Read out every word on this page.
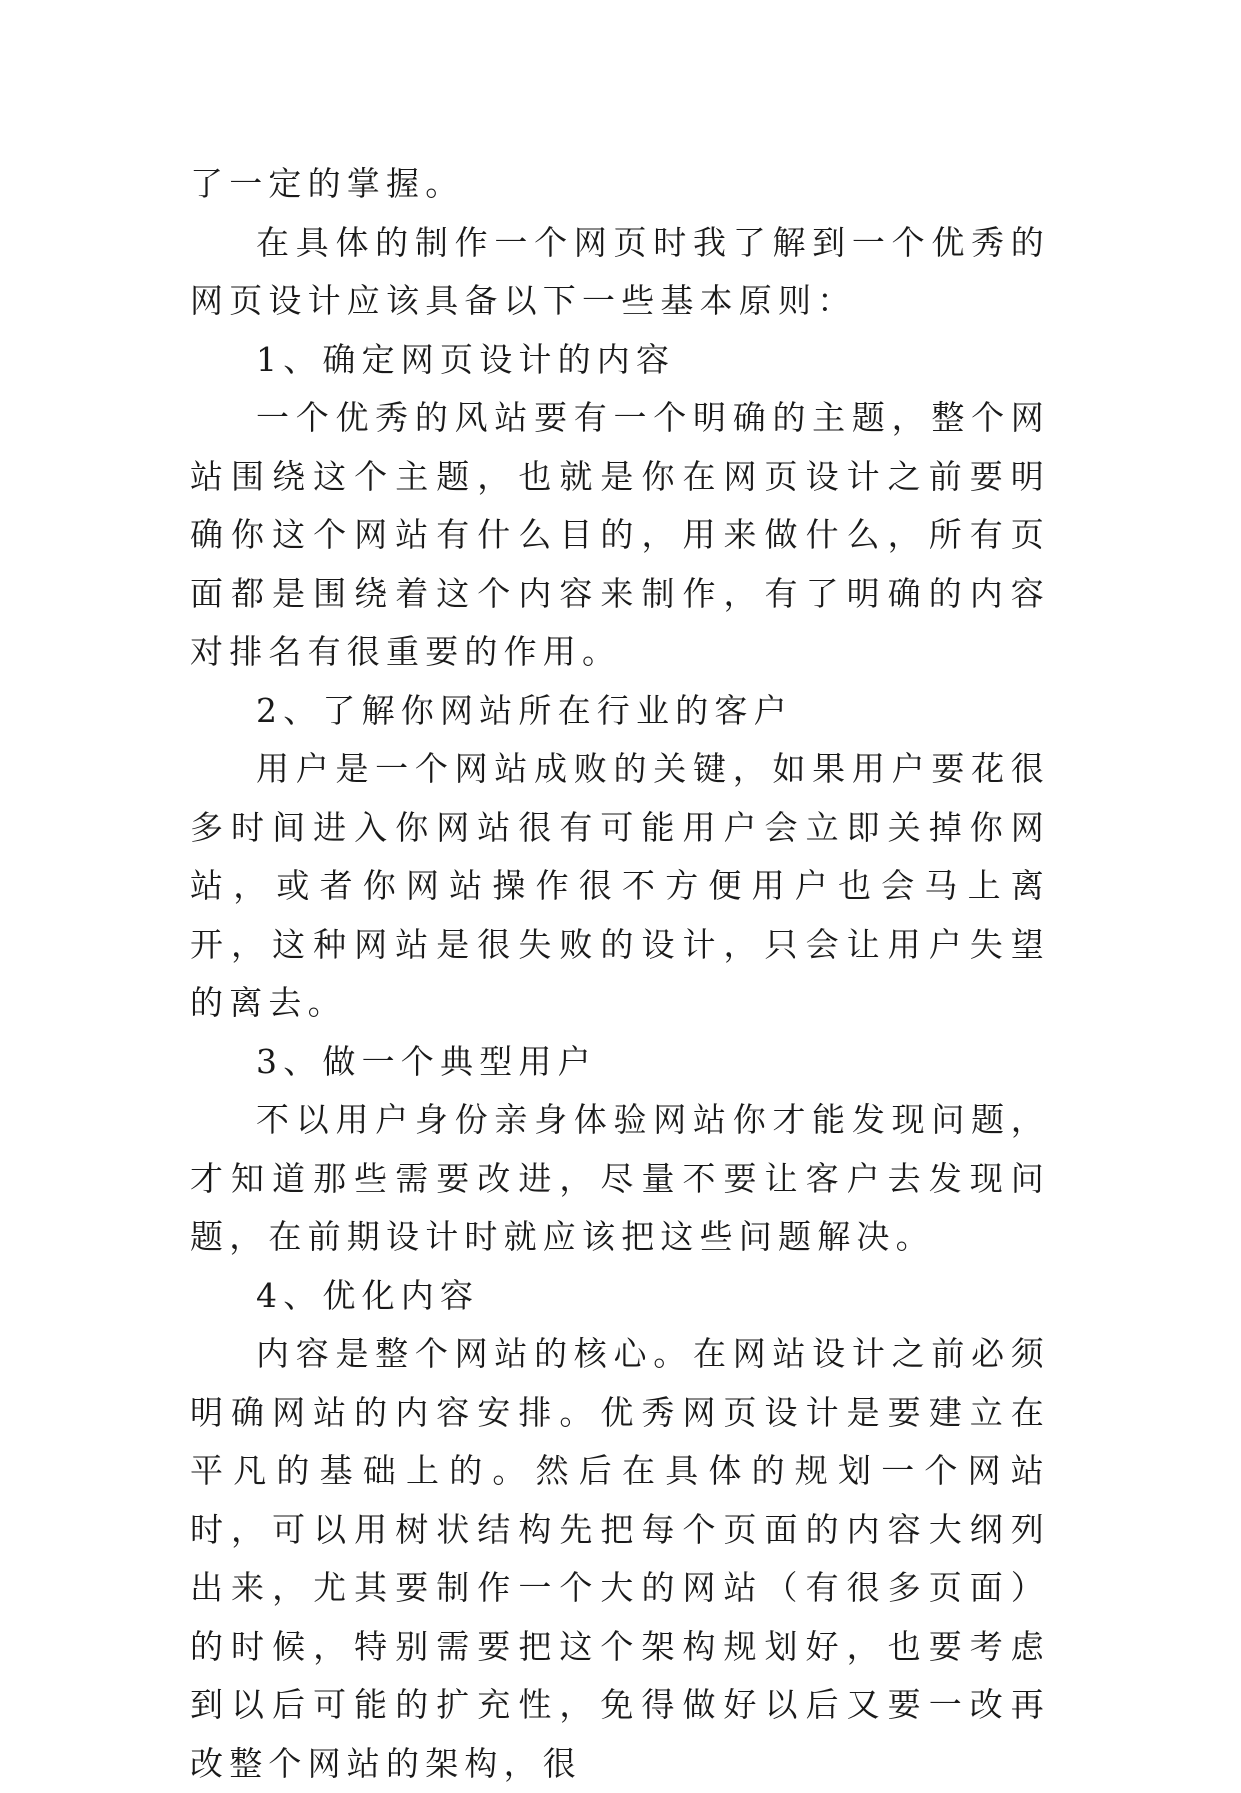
了一定的掌握。

在具体的制作一个网页时我了解到一个优秀的网页设计应该具备以下一些基本原则：

1、确定网页设计的内容

一个优秀的风站要有一个明确的主题，整个网站围绕这个主题，也就是你在网页设计之前要明确你这个网站有什么目的，用来做什么，所有页面都是围绕着这个内容来制作，有了明确的内容对排名有很重要的作用。

2、了解你网站所在行业的客户

用户是一个网站成败的关键，如果用户要花很多时间进入你网站很有可能用户会立即关掉你网站，或者你网站操作很不方便用户也会马上离开，这种网站是很失败的设计，只会让用户失望的离去。

3、做一个典型用户

不以用户身份亲身体验网站你才能发现问题，才知道那些需要改进，尽量不要让客户去发现问题，在前期设计时就应该把这些问题解决。

4、优化内容

内容是整个网站的核心。在网站设计之前必须明确网站的内容安排。优秀网页设计是要建立在平凡的基础上的。然后在具体的规划一个网站时，可以用树状结构先把每个页面的内容大纲列出来，尤其要制作一个大的网站（有很多页面）的时候，特别需要把这个架构规划好，也要考虑到以后可能的扩充性，免得做好以后又要一改再改整个网站的架构，很
